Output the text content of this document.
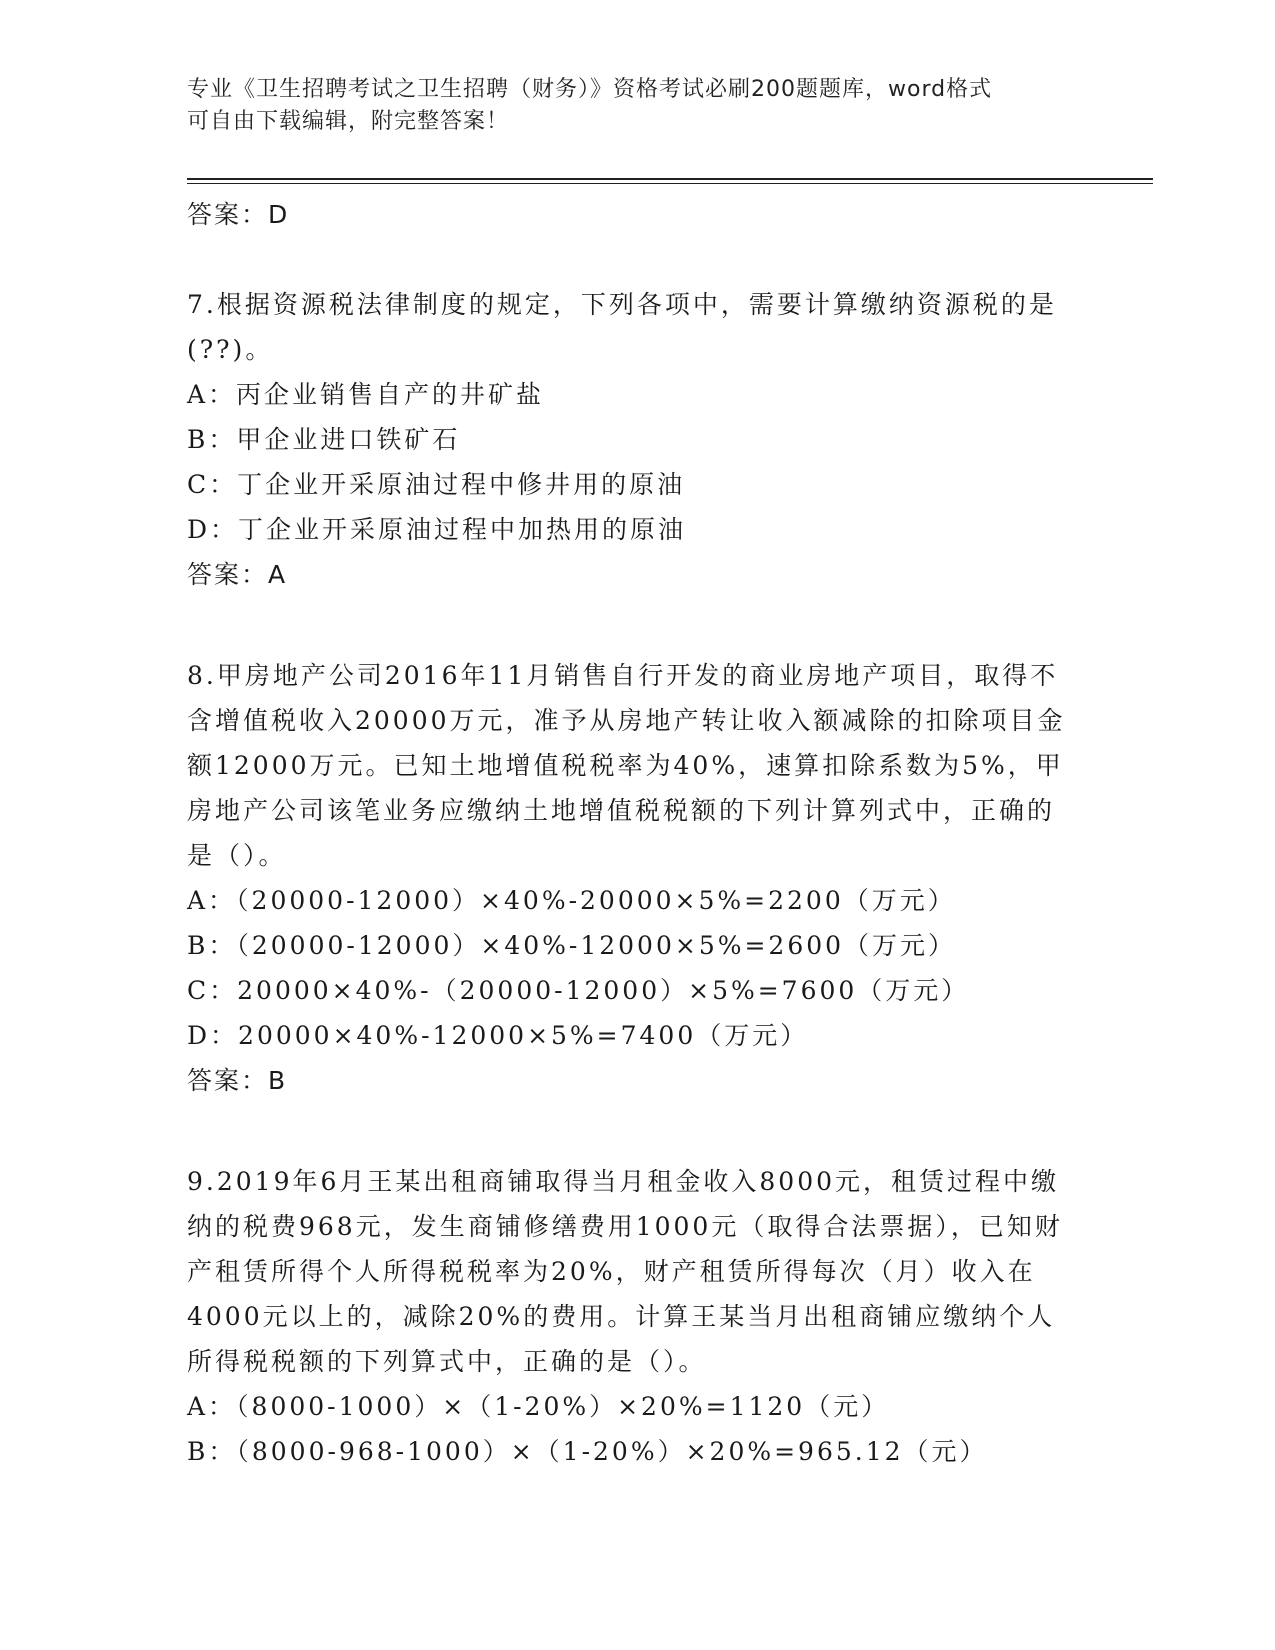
专业《卫生招聘考试之卫生招聘（财务）》资格考试必刷200题题库，word格式
可自由下载编辑，附完整答案！
答案：D
7.根据资源税法律制度的规定，下列各项中，需要计算缴纳资源税的是(??)。
A：丙企业销售自产的井矿盐
B：甲企业进口铁矿石
C：丁企业开采原油过程中修井用的原油
D：丁企业开采原油过程中加热用的原油
答案：A
8.甲房地产公司2016年11月销售自行开发的商业房地产项目，取得不含增值税收入20000万元，准予从房地产转让收入额减除的扣除项目金额12000万元。已知土地增值税税率为40%，速算扣除系数为5%，甲房地产公司该笔业务应缴纳土地增值税税额的下列计算列式中，正确的是（）。
A：（20000-12000）×40%-20000×5%=2200（万元）
B：（20000-12000）×40%-12000×5%=2600（万元）
C：20000×40%-（20000-12000）×5%=7600（万元）
D：20000×40%-12000×5%=7400（万元）
答案：B
9.2019年6月王某出租商铺取得当月租金收入8000元，租赁过程中缴纳的税费968元，发生商铺修缮费用1000元（取得合法票据），已知财产租赁所得个人所得税税率为20%，财产租赁所得每次（月）收入在4000元以上的，减除20%的费用。计算王某当月出租商铺应缴纳个人所得税税额的下列算式中，正确的是（）。
A：（8000-1000）×（1-20%）×20%=1120（元）
B：（8000-968-1000）×（1-20%）×20%=965.12（元）
